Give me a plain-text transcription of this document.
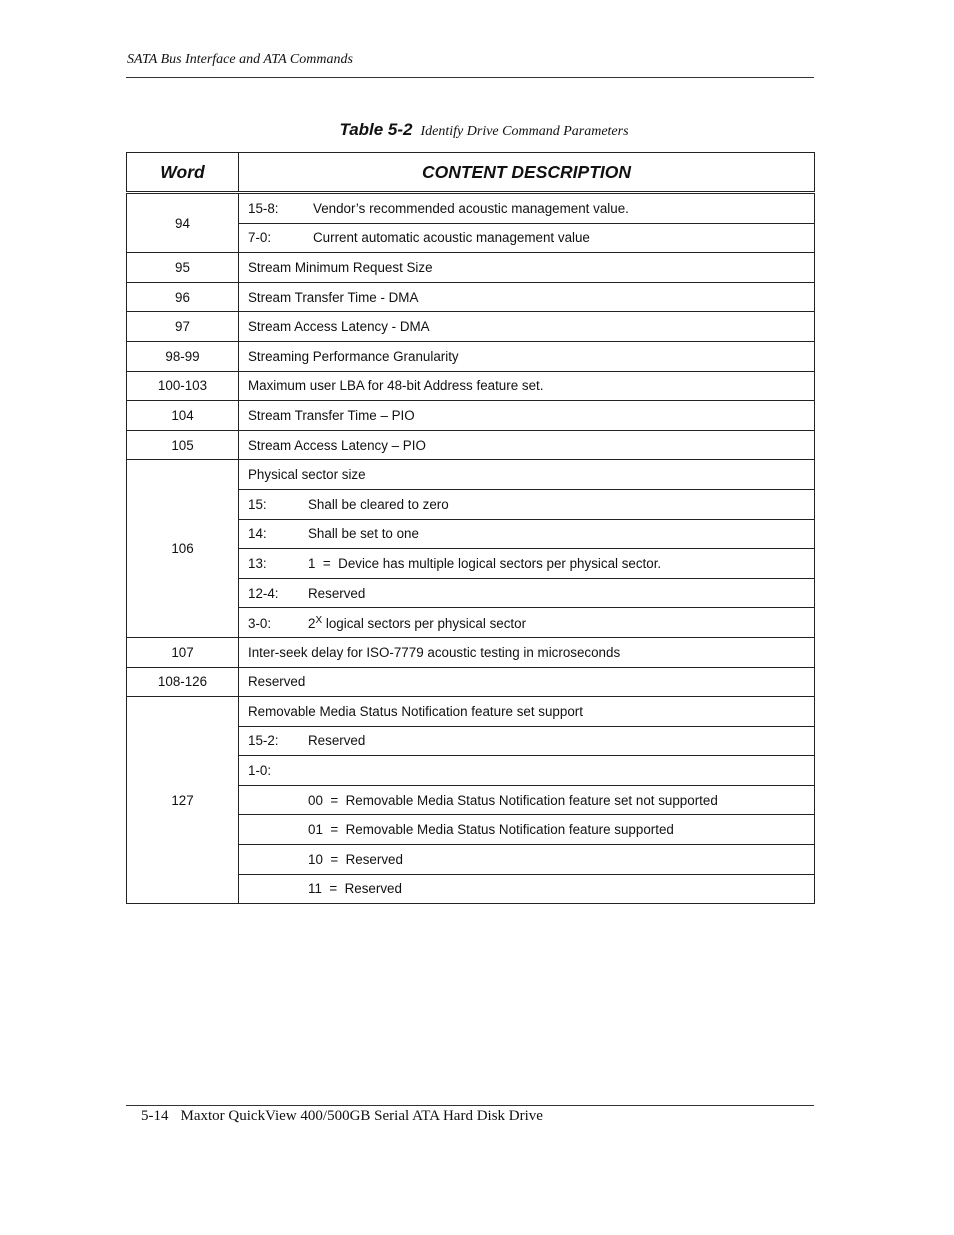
SATA Bus Interface and ATA Commands
Table 5-2 Identify Drive Command Parameters
Word	CONTENT DESCRIPTION
94	15-8: Vendor’s recommended acoustic management value.
	7-0: Current automatic acoustic management value
95	Stream Minimum Request Size
96	Stream Transfer Time - DMA
97	Stream Access Latency - DMA
98-99	Streaming Performance Granularity
100-103	Maximum user LBA for 48-bit Address feature set.
104	Stream Transfer Time – PIO
105	Stream Access Latency – PIO
106	Physical sector size
	15: Shall be cleared to zero
	14: Shall be set to one
	13: 1  =  Device has multiple logical sectors per physical sector.
	12-4: Reserved
	3-0: $2^X$ logical sectors per physical sector
107	Inter-seek delay for ISO-7779 acoustic testing in microseconds
108-126	Reserved
127	Removable Media Status Notification feature set support
	15-2: Reserved
	1-0:
	00  =  Removable Media Status Notification feature set not supported
	01  =  Removable Media Status Notification feature supported
	10  =  Reserved
	11  =  Reserved
5-14 Maxtor QuickView 400/500GB Serial ATA Hard Disk Drive
